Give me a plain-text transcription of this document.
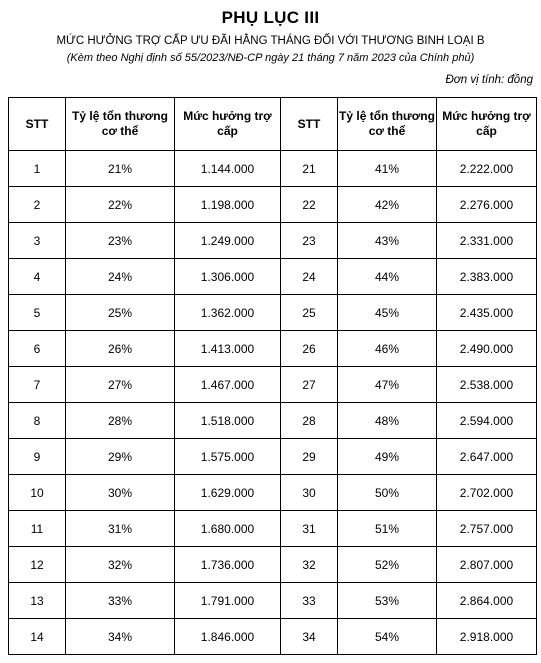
PHỤ LỤC III
MỨC HƯỞNG TRỢ CẤP ƯU ĐÃI HẰNG THÁNG ĐỐI VỚI THƯƠNG BINH LOẠI B
(Kèm theo Nghị định số 55/2023/NĐ-CP ngày 21 tháng 7 năm 2023 của Chính phủ)
Đơn vị tính: đồng
STT	Tỷ lệ tổn thương cơ thể	Mức hưởng trợ cấp	STT	Tỷ lệ tổn thương cơ thể	Mức hưởng trợ cấp
1	21%	1.144.000	21	41%	2.222.000
2	22%	1.198.000	22	42%	2.276.000
3	23%	1.249.000	23	43%	2.331.000
4	24%	1.306.000	24	44%	2.383.000
5	25%	1.362.000	25	45%	2.435.000
6	26%	1.413.000	26	46%	2.490.000
7	27%	1.467.000	27	47%	2.538.000
8	28%	1.518.000	28	48%	2.594.000
9	29%	1.575.000	29	49%	2.647.000
10	30%	1.629.000	30	50%	2.702.000
11	31%	1.680.000	31	51%	2.757.000
12	32%	1.736.000	32	52%	2.807.000
13	33%	1.791.000	33	53%	2.864.000
14	34%	1.846.000	34	54%	2.918.000
